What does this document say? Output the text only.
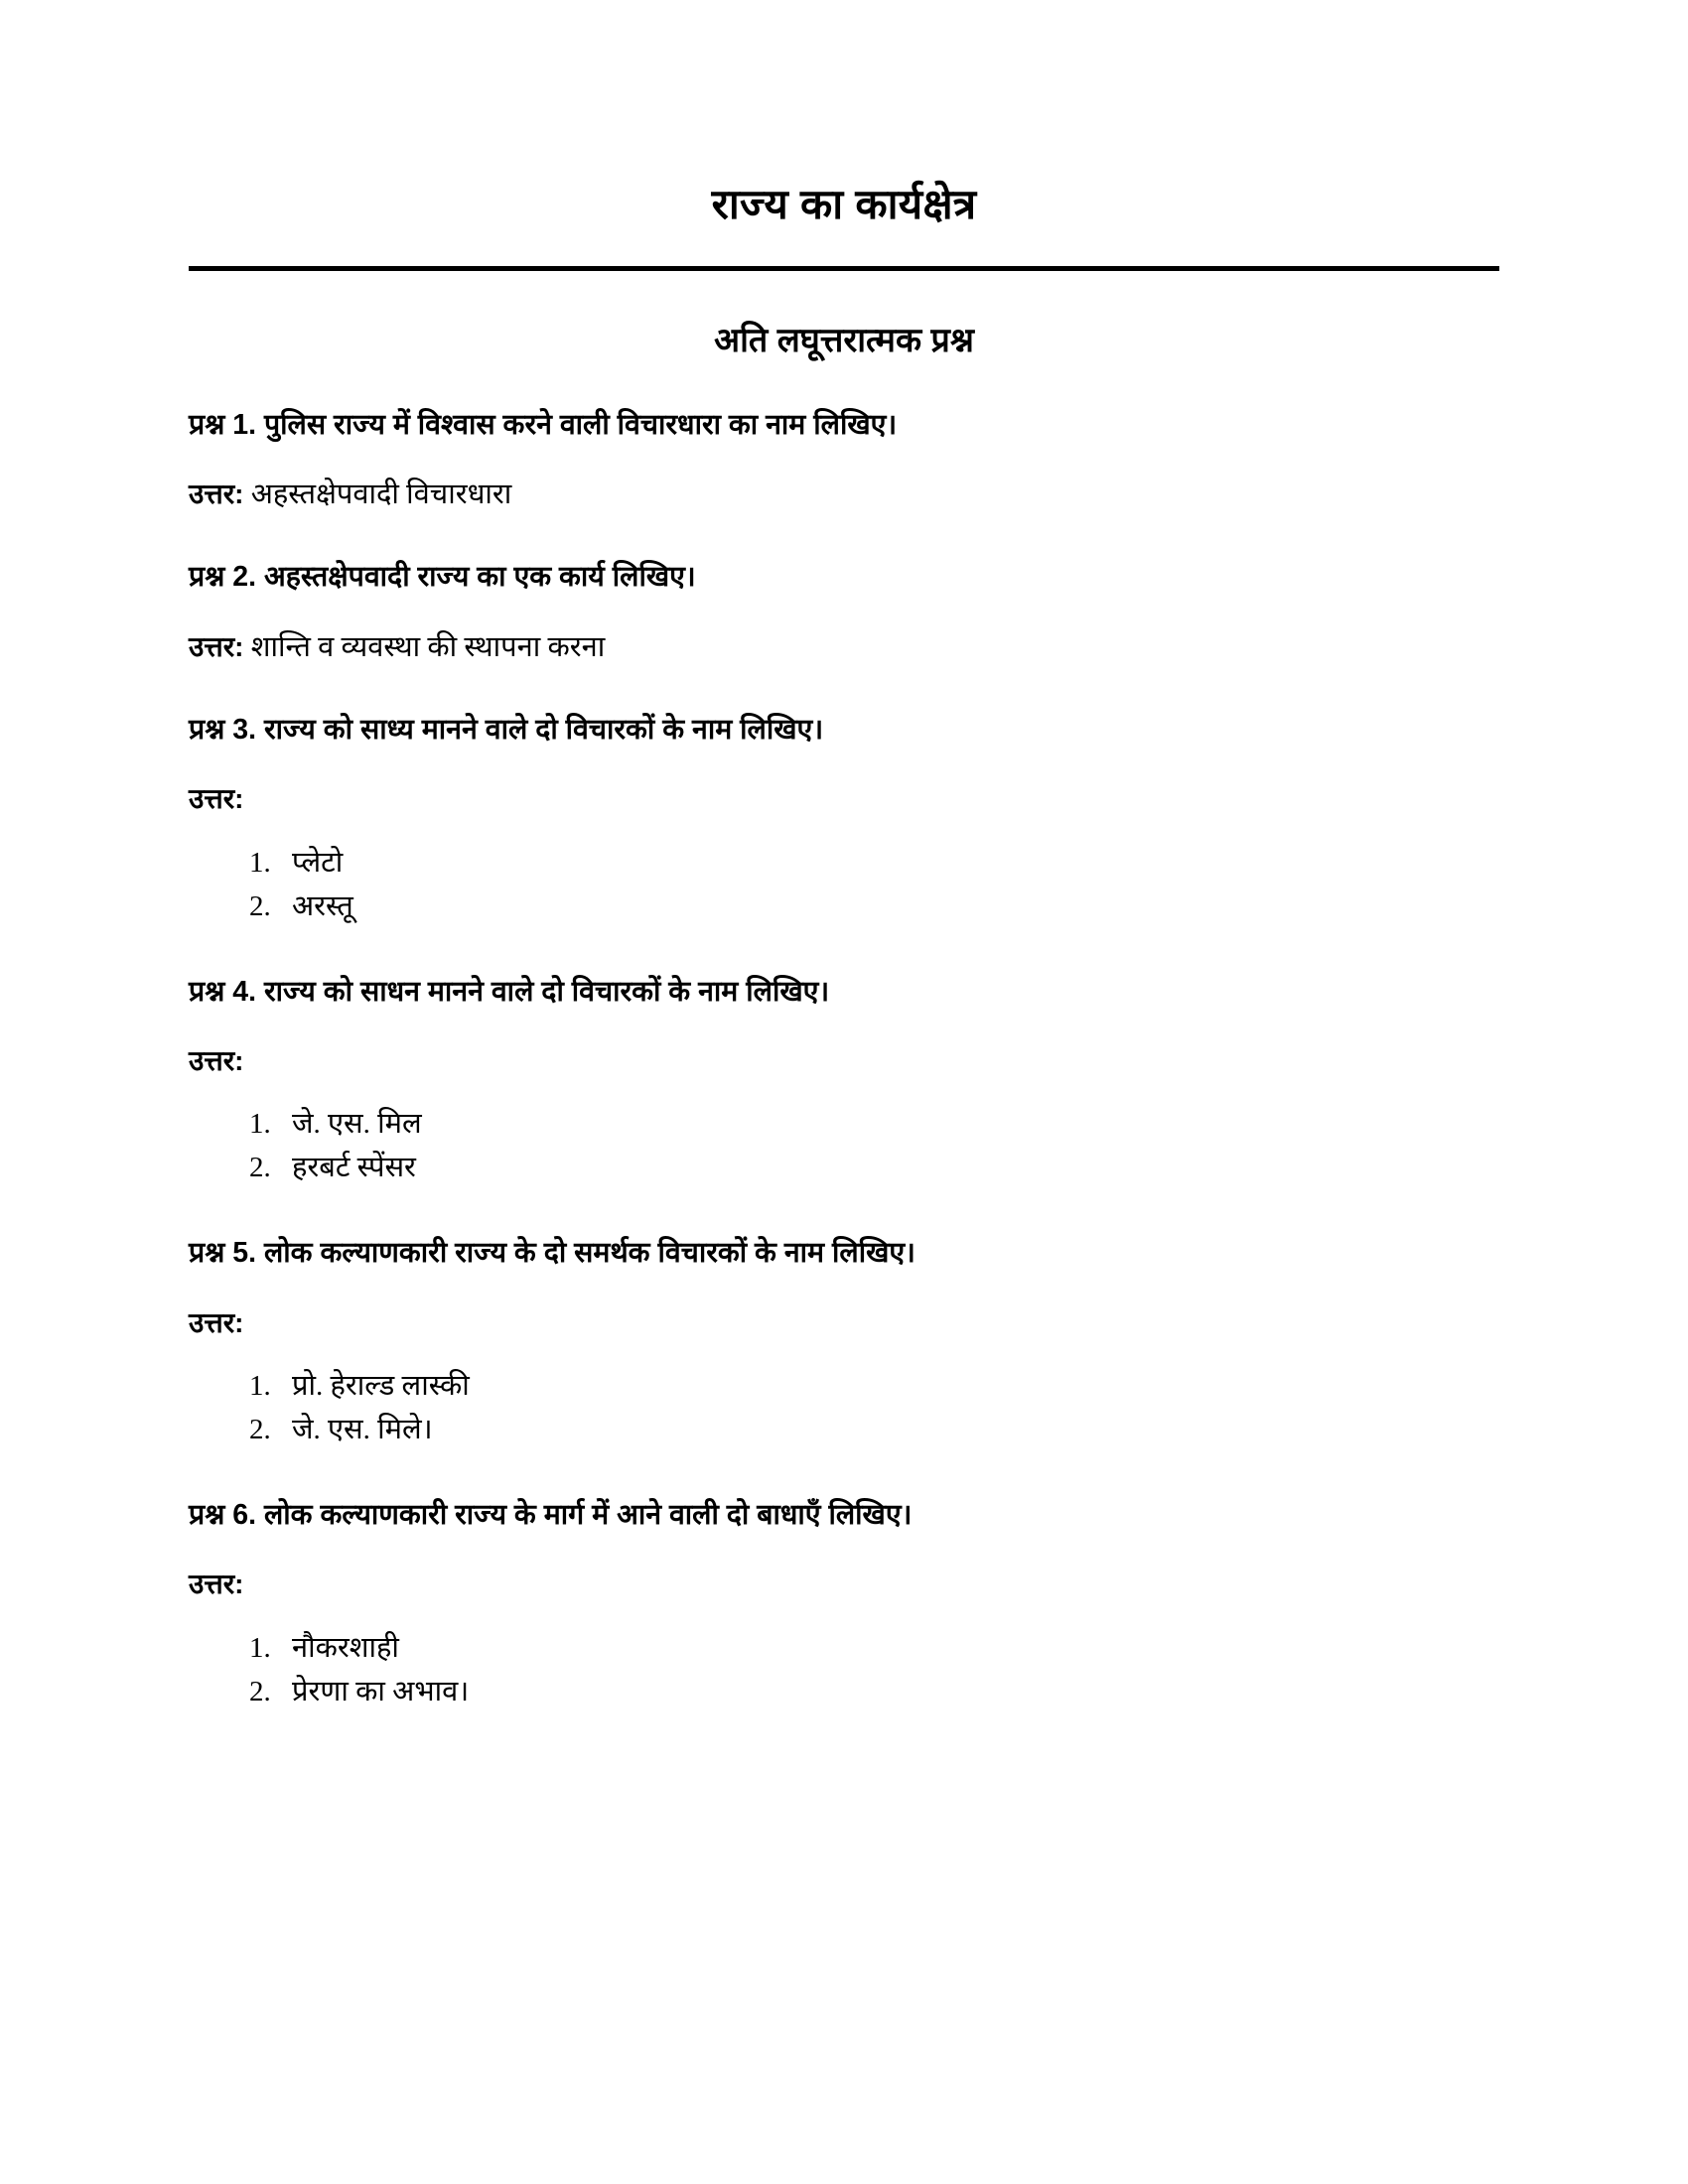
राज्य का कार्यक्षेत्र
अति लघूत्तरात्मक प्रश्न

प्रश्न 1. पुलिस राज्य में विश्वास करने वाली विचारधारा का नाम लिखिए।

उत्तर: अहस्तक्षेपवादी विचारधारा

प्रश्न 2. अहस्तक्षेपवादी राज्य का एक कार्य लिखिए।

उत्तर: शान्ति व व्यवस्था की स्थापना करना

प्रश्न 3. राज्य को साध्य मानने वाले दो विचारकों के नाम लिखिए।

उत्तर:

1. प्लेटो
2. अरस्तू

प्रश्न 4. राज्य को साधन मानने वाले दो विचारकों के नाम लिखिए।

उत्तर:

1. जे. एस. मिल
2. हरबर्ट स्पेंसर

प्रश्न 5. लोक कल्याणकारी राज्य के दो समर्थक विचारकों के नाम लिखिए।

उत्तर:

1. प्रो. हेराल्ड लास्की
2. जे. एस. मिले।

प्रश्न 6. लोक कल्याणकारी राज्य के मार्ग में आने वाली दो बाधाएँ लिखिए।

उत्तर:

1. नौकरशाही
2. प्रेरणा का अभाव।
